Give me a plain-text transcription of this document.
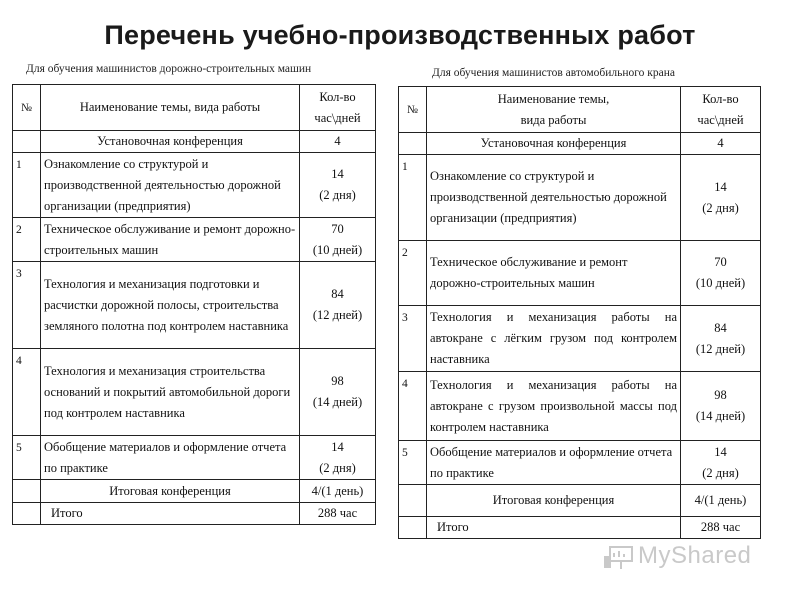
Перечень учебно-производственных работ
Для обучения машинистов дорожно-строительных машин	Для обучения машинистов автомобильного крана
№	Наименование темы, вида работы	Кол-во
час\дней

	Установочная конференция	4
1	Ознакомление со структурой и производственной деятельностью дорожной организации (предприятия)	14
(2 дня)

2	Техническое обслуживание и ремонт дорожно-строительных машин	70
(10 дней)

3	Технология и механизация подготовки и расчистки дорожной полосы, строительства земляного полотна под контролем наставника	84
(12 дней)

4	Технология и механизация строительства оснований и покрытий автомобильной дороги под контролем наставника	98
(14 дней)

5	Обобщение материалов и оформление отчета по практике	14
(2 дня)

	Итоговая конференция	4/(1 день)
	Итого	288 час
№	Наименование темы,
вида работы	Кол-во
час\дней

	Установочная конференция	4
1	Ознакомление со структурой и производственной деятельностью дорожной организации (предприятия)	14
(2 дня)

2	Техническое обслуживание и ремонт дорожно-строительных машин	70
(10 дней)

3	Технология и механизация работы на автокране с лёгким грузом под контролем наставника	84
(12 дней)

4	Технология и механизация работы на автокране с грузом произвольной массы под контролем наставника	98
(14 дней)

5	Обобщение материалов и оформление отчета по практике	14
(2 дня)

	Итоговая конференция	4/(1 день)
	Итого	288 час
MyShared
